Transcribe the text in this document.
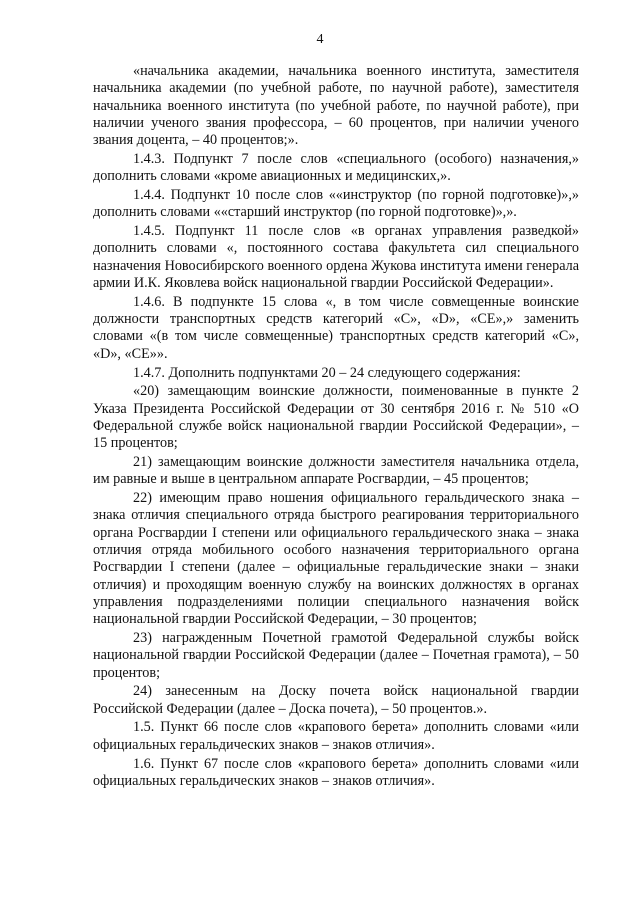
4

«начальника академии, начальника военного института, заместителя начальника академии (по учебной работе, по научной работе), заместителя начальника военного института (по учебной работе, по научной работе), при наличии ученого звания профессора, – 60 процентов, при наличии ученого звания доцента, – 40 процентов;».

1.4.3. Подпункт 7 после слов «специального (особого) назначения,» дополнить словами «кроме авиационных и медицинских,».

1.4.4. Подпункт 10 после слов ««инструктор (по горной подготовке)»,» дополнить словами ««старший инструктор (по горной подготовке)»,».

1.4.5. Подпункт 11 после слов «в органах управления разведкой» дополнить словами «, постоянного состава факультета сил специального назначения Новосибирского военного ордена Жукова института имени генерала армии И.К. Яковлева войск национальной гвардии Российской Федерации».

1.4.6. В подпункте 15 слова «, в том числе совмещенные воинские должности транспортных средств категорий «C», «D», «CE»,» заменить словами «(в том числе совмещенные) транспортных средств категорий «C», «D», «CE»».

1.4.7. Дополнить подпунктами 20 – 24 следующего содержания:

«20) замещающим воинские должности, поименованные в пункте 2 Указа Президента Российской Федерации от 30 сентября 2016 г. № 510 «О Федеральной службе войск национальной гвардии Российской Федерации», – 15 процентов;

21) замещающим воинские должности заместителя начальника отдела, им равные и выше в центральном аппарате Росгвардии, – 45 процентов;

22) имеющим право ношения официального геральдического знака – знака отличия специального отряда быстрого реагирования территориального органа Росгвардии I степени или официального геральдического знака – знака отличия отряда мобильного особого назначения территориального органа Росгвардии I степени (далее – официальные геральдические знаки – знаки отличия) и проходящим военную службу на воинских должностях в органах управления подразделениями полиции специального назначения войск национальной гвардии Российской Федерации, – 30 процентов;

23) награжденным Почетной грамотой Федеральной службы войск национальной гвардии Российской Федерации (далее – Почетная грамота), – 50 процентов;

24) занесенным на Доску почета войск национальной гвардии Российской Федерации (далее – Доска почета), – 50 процентов.».

1.5. Пункт 66 после слов «крапового берета» дополнить словами «или официальных геральдических знаков – знаков отличия».

1.6. Пункт 67 после слов «крапового берета» дополнить словами «или официальных геральдических знаков – знаков отличия».
